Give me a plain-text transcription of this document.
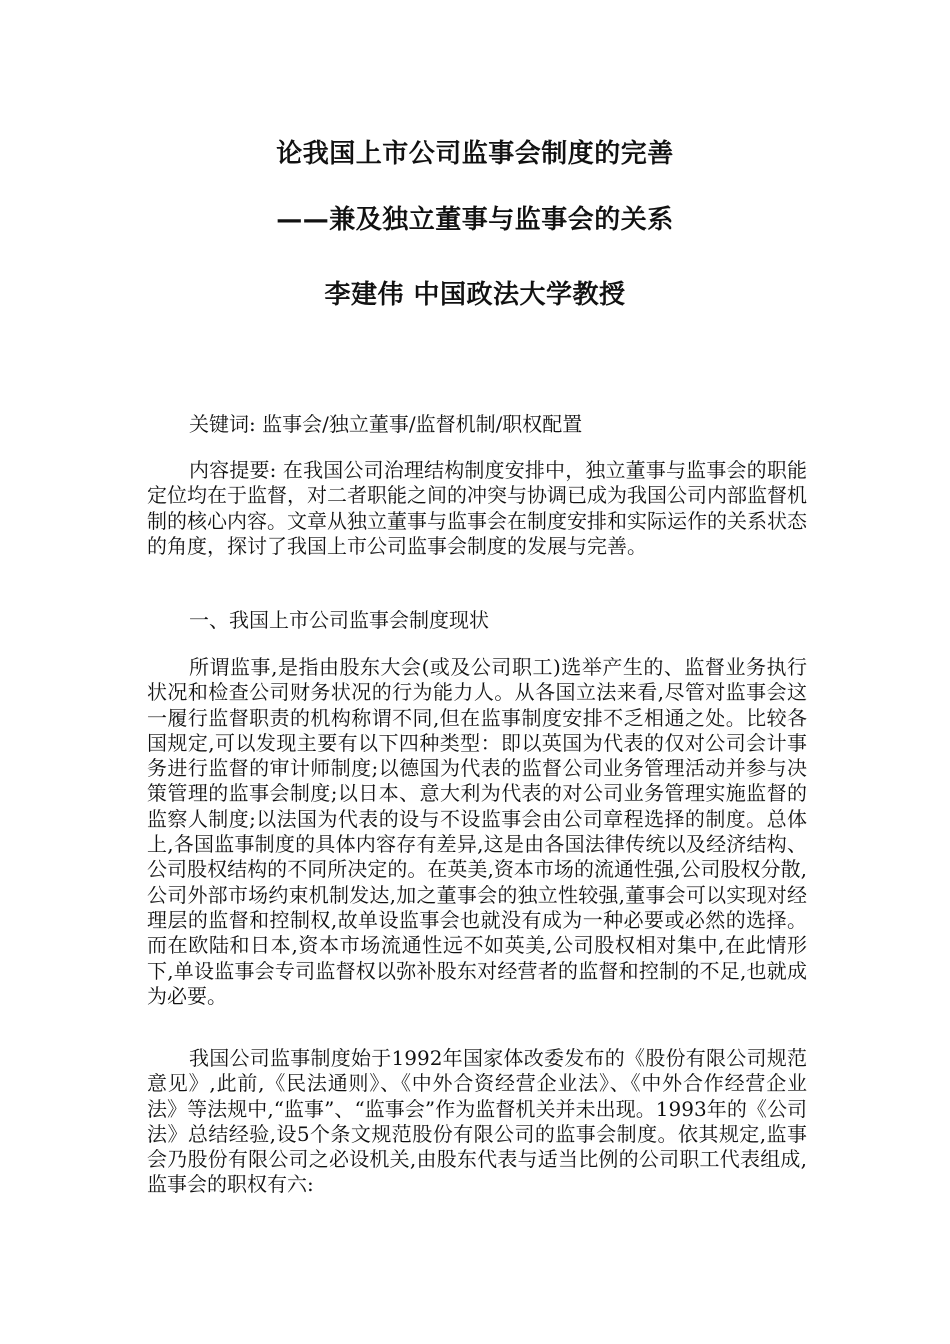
论我国上市公司监事会制度的完善
——兼及独立董事与监事会的关系
李建伟 中国政法大学教授

关键词: 监事会/独立董事/监督机制/职权配置

内容提要: 在我国公司治理结构制度安排中，独立董事与监事会的职能定位均在于监督，对二者职能之间的冲突与协调已成为我国公司内部监督机制的核心内容。文章从独立董事与监事会在制度安排和实际运作的关系状态的角度，探讨了我国上市公司监事会制度的发展与完善。

一、我国上市公司监事会制度现状

所谓监事,是指由股东大会(或及公司职工)选举产生的、监督业务执行状况和检查公司财务状况的行为能力人。从各国立法来看,尽管对监事会这一履行监督职责的机构称谓不同,但在监事制度安排不乏相通之处。比较各国规定,可以发现主要有以下四种类型：即以英国为代表的仅对公司会计事务进行监督的审计师制度;以德国为代表的监督公司业务管理活动并参与决策管理的监事会制度;以日本、意大利为代表的对公司业务管理实施监督的监察人制度;以法国为代表的设与不设监事会由公司章程选择的制度。总体上,各国监事制度的具体内容存有差异,这是由各国法律传统以及经济结构、公司股权结构的不同所决定的。在英美,资本市场的流通性强,公司股权分散,公司外部市场约束机制发达,加之董事会的独立性较强,董事会可以实现对经理层的监督和控制权,故单设监事会也就没有成为一种必要或必然的选择。而在欧陆和日本,资本市场流通性远不如英美,公司股权相对集中,在此情形下,单设监事会专司监督权以弥补股东对经营者的监督和控制的不足,也就成为必要。

我国公司监事制度始于1992年国家体改委发布的《股份有限公司规范意见》,此前,《民法通则》、《中外合资经营企业法》、《中外合作经营企业法》等法规中,“监事”、“监事会”作为监督机关并未出现。1993年的《公司法》总结经验,设5个条文规范股份有限公司的监事会制度。依其规定,监事会乃股份有限公司之必设机关,由股东代表与适当比例的公司职工代表组成,监事会的职权有六:
